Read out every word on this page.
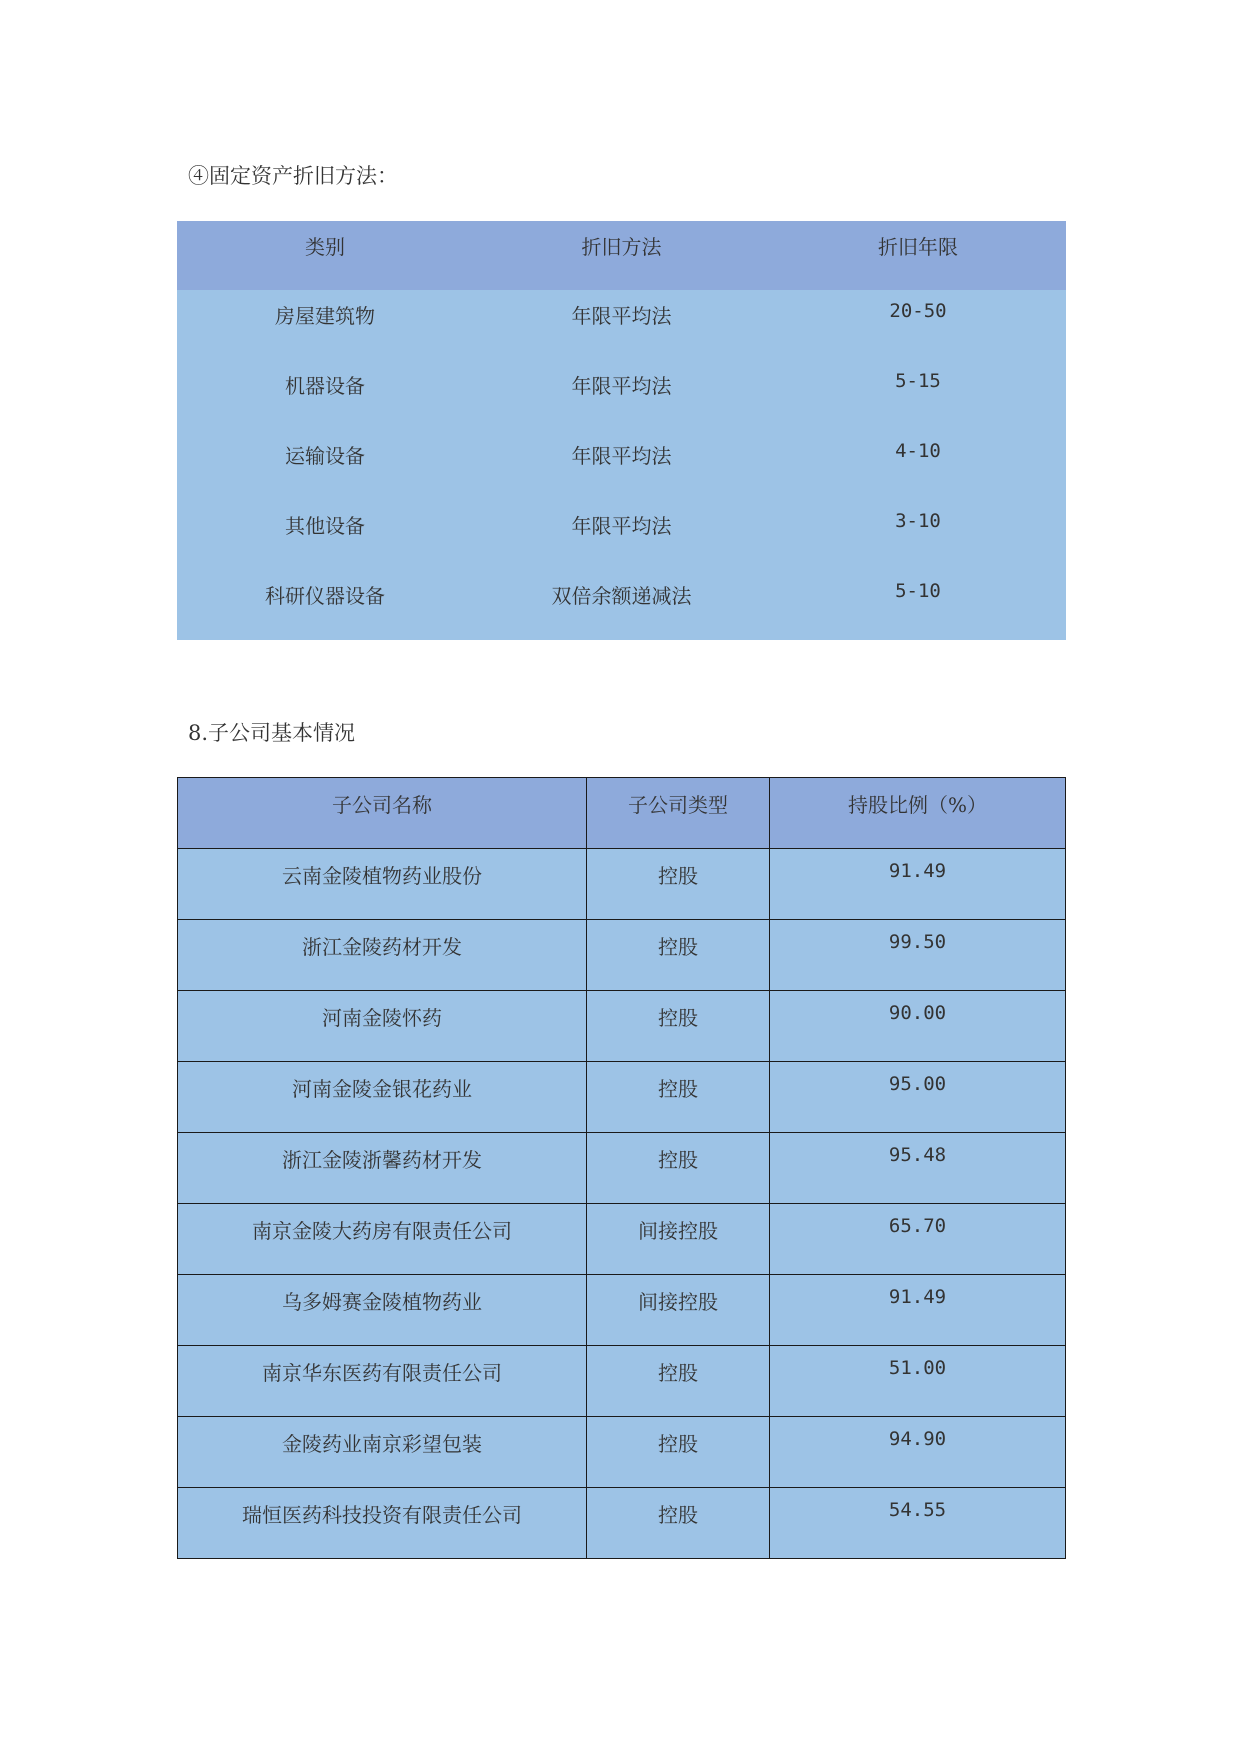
④固定资产折旧方法：
类别	折旧方法	折旧年限
房屋建筑物	年限平均法	20-50
机器设备	年限平均法	5-15
运输设备	年限平均法	4-10
其他设备	年限平均法	3-10
科研仪器设备	双倍余额递减法	5-10
8.子公司基本情况
子公司名称	子公司类型	持股比例（%）
云南金陵植物药业股份	控股	91.49
浙江金陵药材开发	控股	99.50
河南金陵怀药	控股	90.00
河南金陵金银花药业	控股	95.00
浙江金陵浙馨药材开发	控股	95.48
南京金陵大药房有限责任公司	间接控股	65.70
乌多姆赛金陵植物药业	间接控股	91.49
南京华东医药有限责任公司	控股	51.00
金陵药业南京彩望包装	控股	94.90
瑞恒医药科技投资有限责任公司	控股	54.55
